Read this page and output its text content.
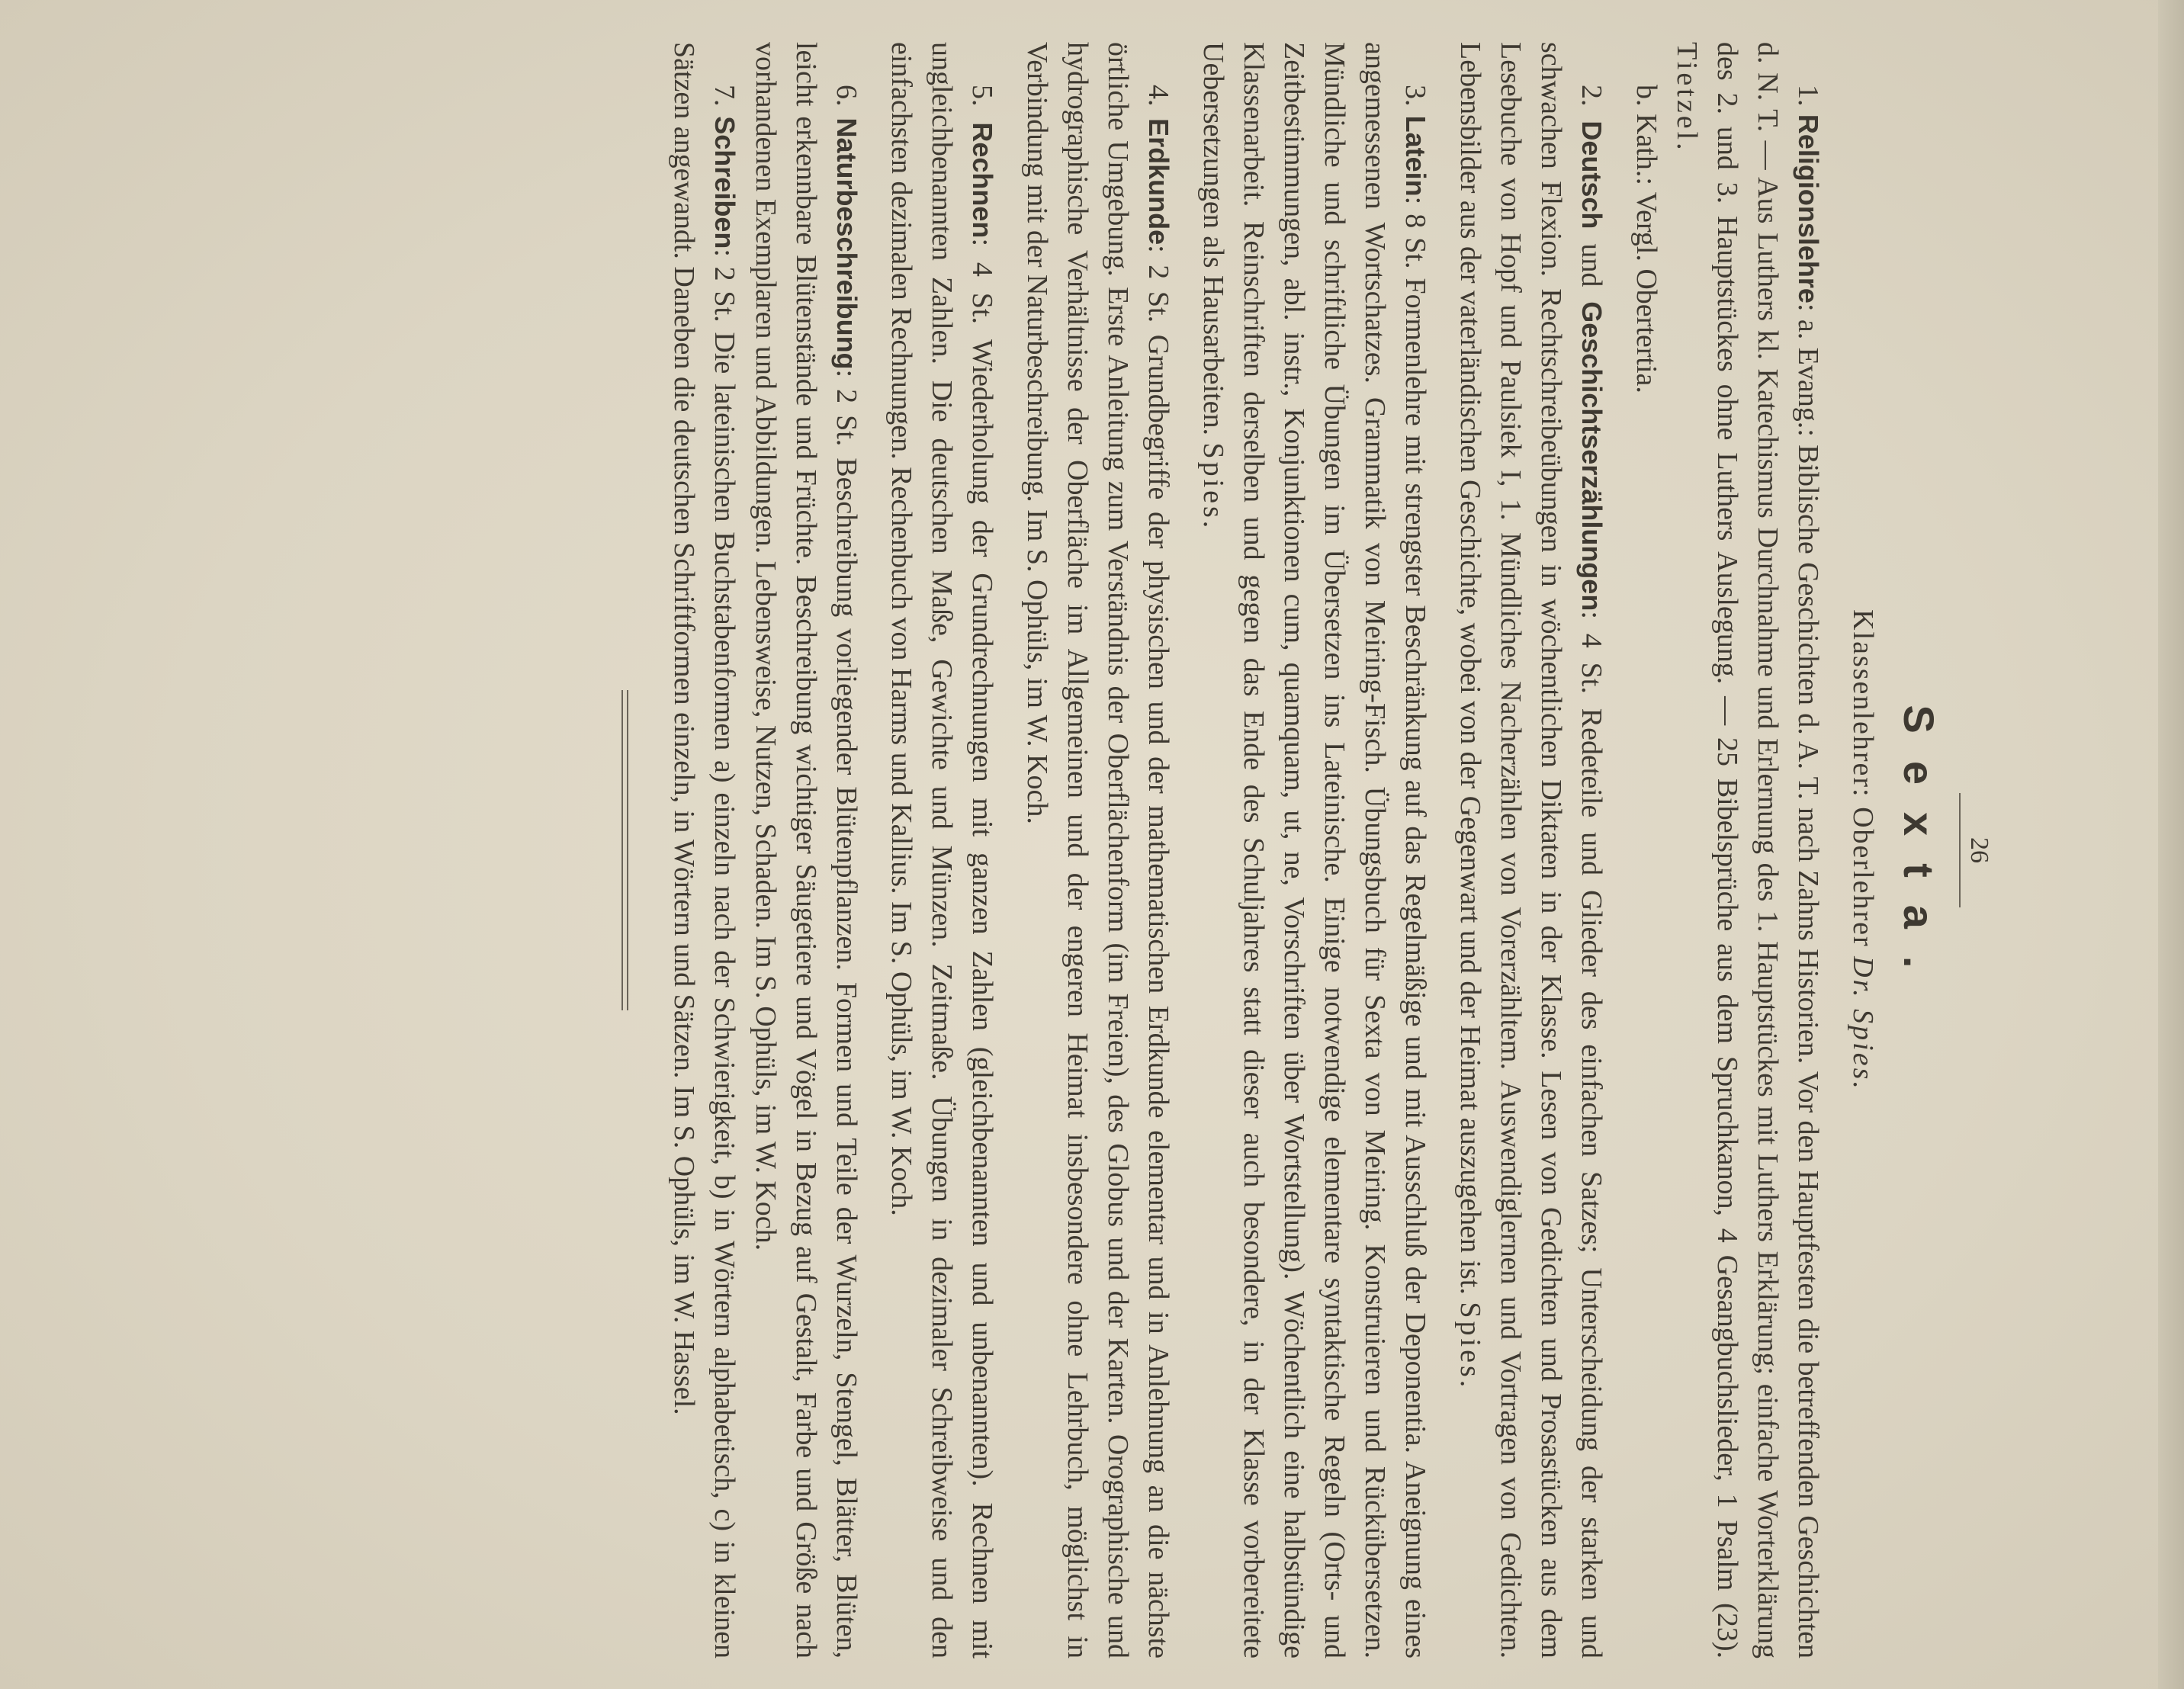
26

Sexta.

Klassenlehrer: Oberlehrer Dr. Spies.

1. Religionslehre: a. Evang.: Biblische Geschichten d. A. T. nach Zahns Historien. Vor den Hauptfesten die betreffenden Geschichten d. N. T. — Aus Luthers kl. Katechismus Durchnahme und Erlernung des 1. Hauptstückes mit Luthers Erklärung; einfache Worterklärung des 2. und 3. Hauptstückes ohne Luthers Auslegung. — 25 Bibelsprüche aus dem Spruchkanon, 4 Gesangbuchslieder, 1 Psalm (23). Tietzel.

b. Kath.: Vergl. Obertertia.

2. Deutsch und Geschichtserzählungen: 4 St. Redeteile und Glieder des einfachen Satzes; Unterscheidung der starken und schwachen Flexion. Rechtschreibeübungen in wöchentlichen Diktaten in der Klasse. Lesen von Gedichten und Prosastücken aus dem Lesebuche von Hopf und Paulsiek I, 1. Mündliches Nacherzählen von Vorerzähltem. Auswendiglernen und Vortragen von Gedichten. Lebensbilder aus der vaterländischen Geschichte, wobei von der Gegenwart und der Heimat auszugehen ist. Spies.

3. Latein: 8 St. Formenlehre mit strengster Beschränkung auf das Regelmäßige und mit Ausschluß der Deponentia. Aneignung eines angemessenen Wortschatzes. Grammatik von Meiring-Fisch. Übungsbuch für Sexta von Meiring. Konstruieren und Rückübersetzen. Mündliche und schriftliche Übungen im Übersetzen ins Lateinische. Einige notwendige elementare syntaktische Regeln (Orts- und Zeitbestimmungen, abl. instr., Konjunktionen cum, quamquam, ut, ne, Vorschriften über Wortstellung). Wöchentlich eine halbstündige Klassenarbeit. Reinschriften derselben und gegen das Ende des Schuljahres statt dieser auch besondere, in der Klasse vorbereitete Uebersetzungen als Hausarbeiten. Spies.

4. Erdkunde: 2 St. Grundbegriffe der physischen und der mathematischen Erdkunde elementar und in Anlehnung an die nächste örtliche Umgebung. Erste Anleitung zum Verständnis der Oberflächenform (im Freien), des Globus und der Karten. Orographische und hydrographische Verhältnisse der Oberfläche im Allgemeinen und der engeren Heimat insbesondere ohne Lehrbuch, möglichst in Verbindung mit der Naturbeschreibung. Im S. Ophüls, im W. Koch.

5. Rechnen: 4 St. Wiederholung der Grundrechnungen mit ganzen Zahlen (gleichbenannten und unbenannten). Rechnen mit ungleichbenannten Zahlen. Die deutschen Maße, Gewichte und Münzen. Zeitmaße. Übungen in dezimaler Schreibweise und den einfachsten dezimalen Rechnungen. Rechenbuch von Harms und Kallius. Im S. Ophüls, im W. Koch.

6. Naturbeschreibung: 2 St. Beschreibung vorliegender Blütenpflanzen. Formen und Teile der Wurzeln, Stengel, Blätter, Blüten, leicht erkennbare Blütenstände und Früchte. Beschreibung wichtiger Säugetiere und Vögel in Bezug auf Gestalt, Farbe und Größe nach vorhandenen Exemplaren und Abbildungen. Lebensweise, Nutzen, Schaden. Im S. Ophüls, im W. Koch.

7. Schreiben: 2 St. Die lateinischen Buchstabenformen a) einzeln nach der Schwierigkeit, b) in Wörtern alphabetisch, c) in kleinen Sätzen angewandt. Daneben die deutschen Schriftformen einzeln, in Wörtern und Sätzen. Im S. Ophüls, im W. Hassel.
